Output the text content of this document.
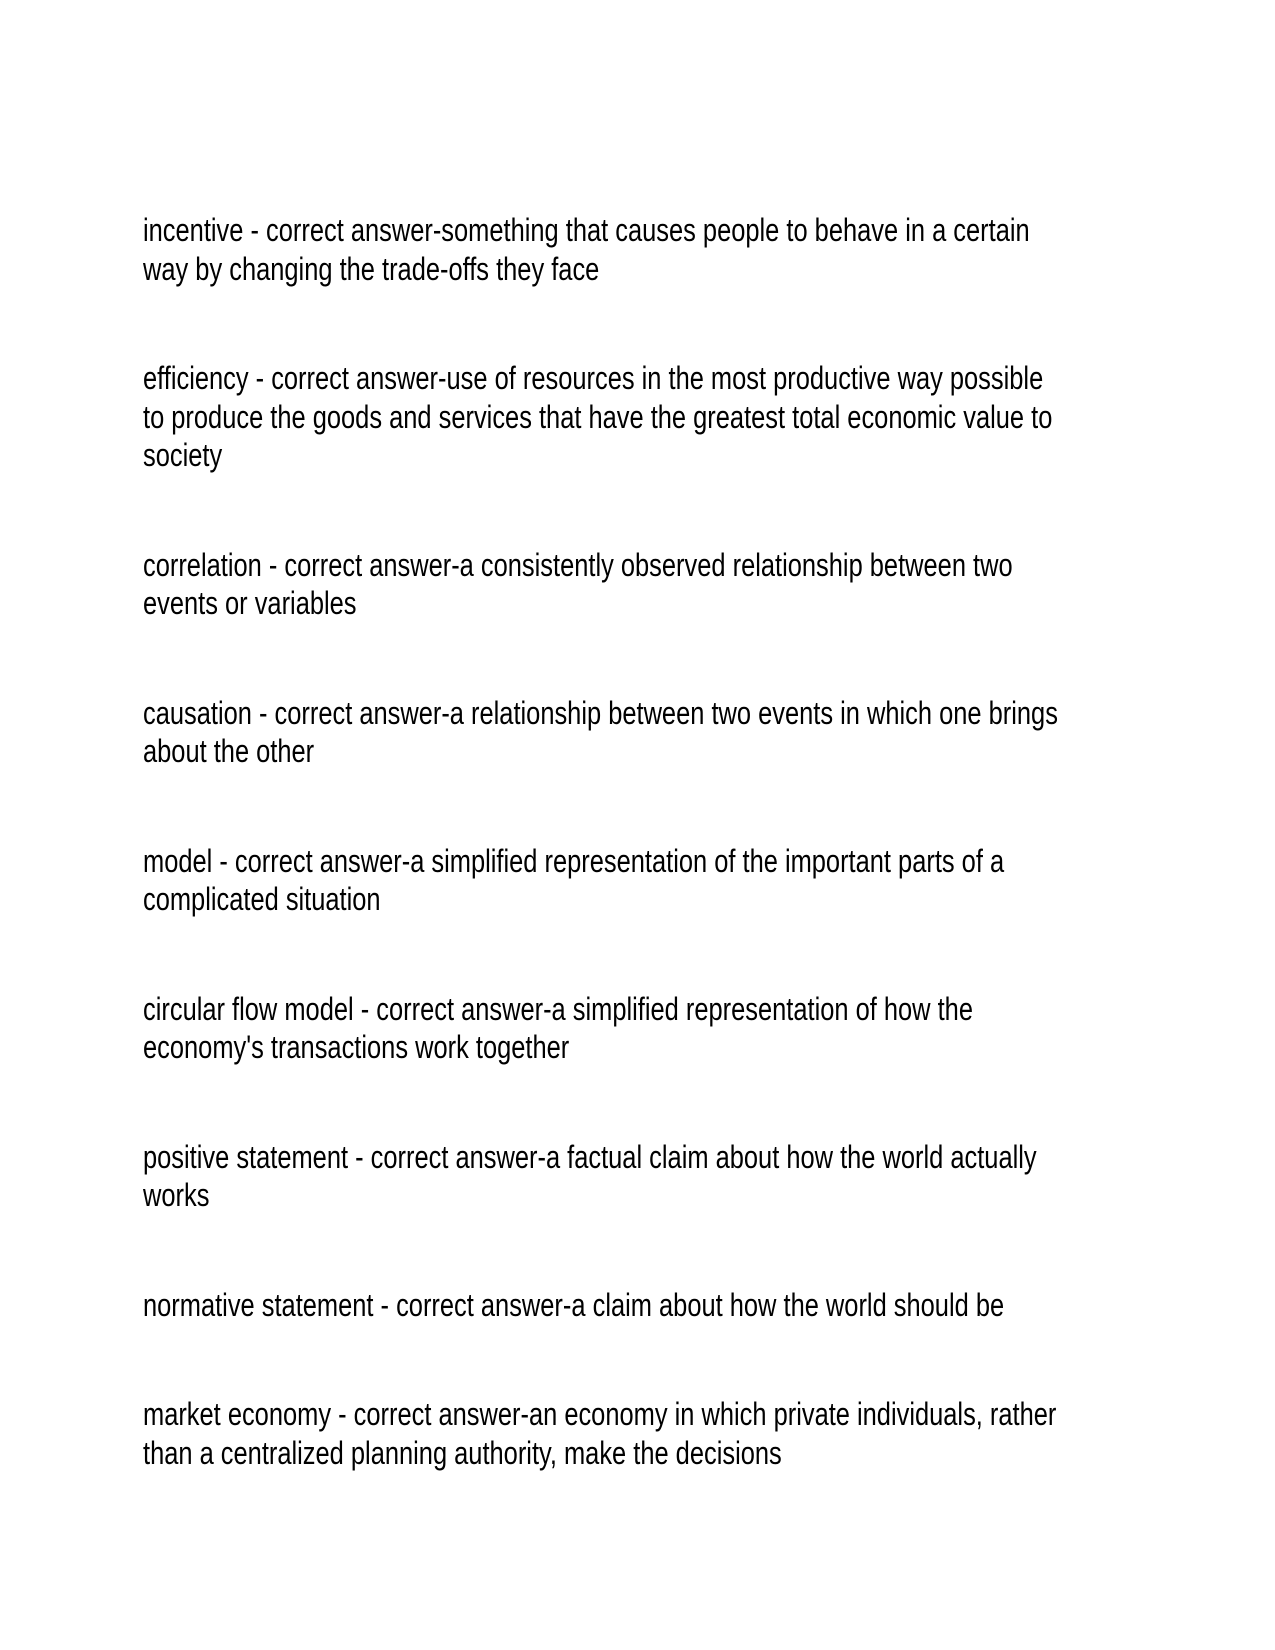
incentive - correct answer-something that causes people to behave in a certain
way by changing the trade-offs they face
efficiency - correct answer-use of resources in the most productive way possible
to produce the goods and services that have the greatest total economic value to
society
correlation - correct answer-a consistently observed relationship between two
events or variables
causation - correct answer-a relationship between two events in which one brings
about the other
model - correct answer-a simplified representation of the important parts of a
complicated situation
circular flow model - correct answer-a simplified representation of how the
economy's transactions work together
positive statement - correct answer-a factual claim about how the world actually
works
normative statement - correct answer-a claim about how the world should be
market economy - correct answer-an economy in which private individuals, rather
than a centralized planning authority, make the decisions
